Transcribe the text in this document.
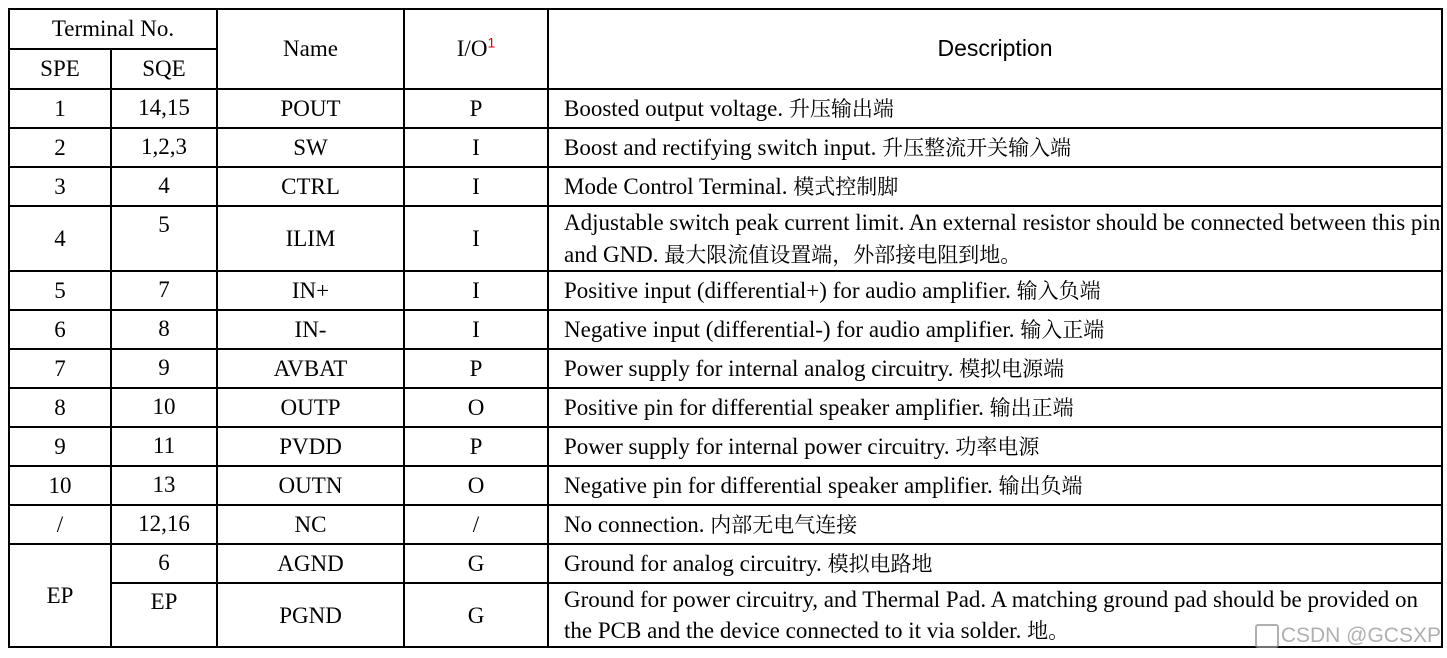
Terminal No.		Name	$I/O^1$	Description
SPE	SQE			
1	14,15	POUT	P	Boosted output voltage. 升压输出端
2	1,2,3	SW	I	Boost and rectifying switch input. 升压整流开关输入端
3	4	CTRL	I	Mode Control Terminal. 模式控制脚
4	5	ILIM	I	Adjustable switch peak current limit. An external resistor should be connected between this pin and GND. 最大限流值设置端，外部接电阻到地。
5	7	IN+	I	Positive input (differential+) for audio amplifier. 输入负端
6	8	IN-	I	Negative input (differential-) for audio amplifier. 输入正端
7	9	AVBAT	P	Power supply for internal analog circuitry. 模拟电源端
8	10	OUTP	O	Positive pin for differential speaker amplifier. 输出正端
9	11	PVDD	P	Power supply for internal power circuitry. 功率电源
10	13	OUTN	O	Negative pin for differential speaker amplifier. 输出负端
/	12,16	NC	/	No connection. 内部无电气连接
EP	6	AGND	G	Ground for analog circuitry. 模拟电路地
	EP	PGND	G	Ground for power circuitry, and Thermal Pad. A matching ground pad should be provided on the PCB and the device connected to it via solder. 地。	CSDN @GCSXP
